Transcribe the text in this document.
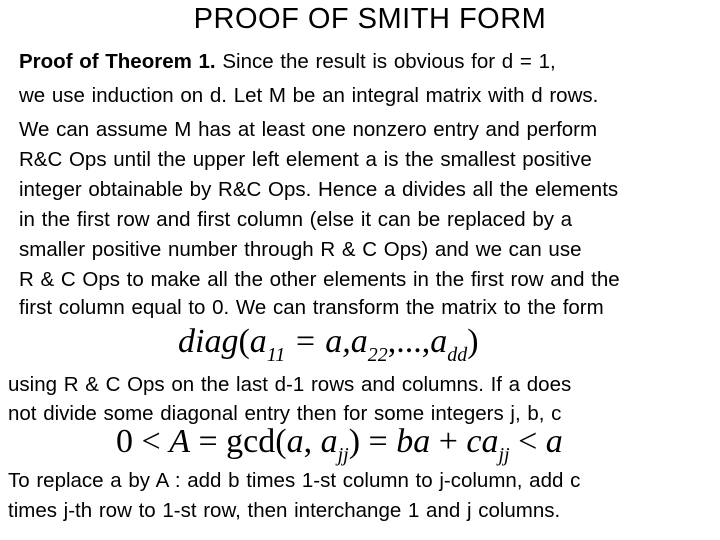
PROOF OF SMITH FORM
Proof of Theorem 1. Since the result is obvious for d = 1,
we use induction on d. Let M be an integral matrix with d rows.
We can assume M has at least one nonzero entry and perform
R&C Ops until the upper left element a is the smallest positive
integer obtainable by R&C Ops. Hence a divides all the elements
in the first row and first column (else it can be replaced by a
smaller positive number through R & C Ops) and we can use
R & C Ops to make all the other elements in the first row and the
first column equal to 0. We can transform the matrix to the form
$diag(a_{11} = a,a_{22},...,a_{dd})$
using R & C Ops on the last d-1 rows and columns. If a does
not divide some diagonal entry then for some integers j, b, c
0 < A = gcd(a, $a_{jj}$) = ba + $ca_{jj} < a$
To replace a by A : add b times 1-st column to j-column, add c
times j-th row to 1-st row, then interchange 1 and j columns.
